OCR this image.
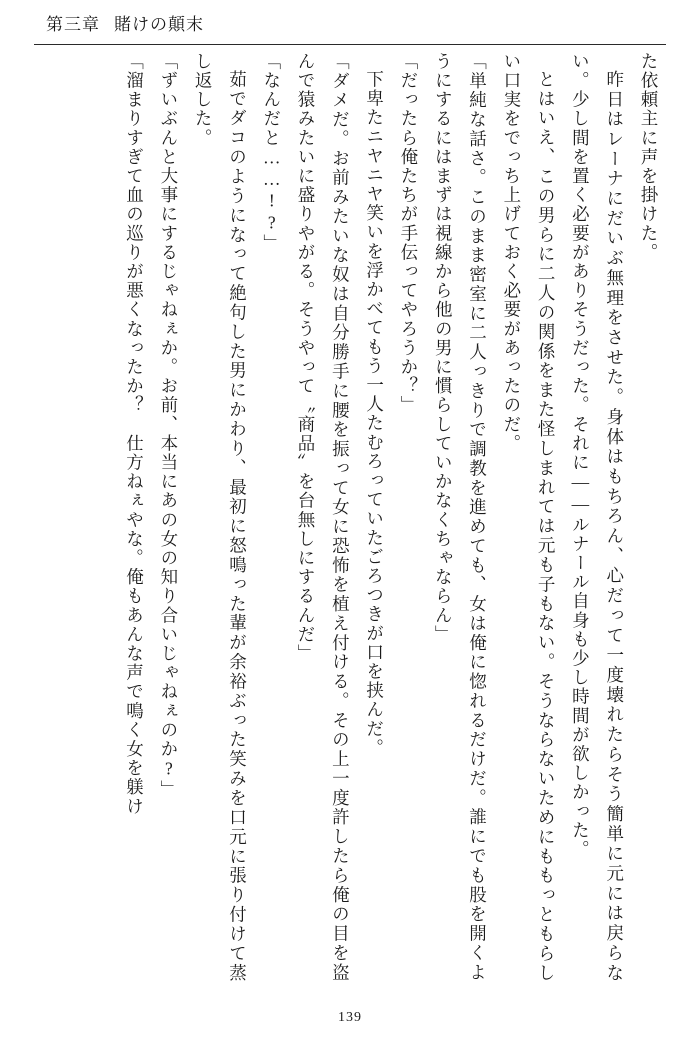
第三章 賭けの顛末

た依頼主に声を掛けた。

昨日はレーナにだいぶ無理をさせた。身体はもちろん、心だって一度壊れたらそう簡単に元には戻らない。少し間を置く必要がありそうだった。それに——ルナール自身も少し時間が欲しかった。

とはいえ、この男らに二人の関係をまた怪しまれては元も子もない。そうならないためにももっともらしい口実をでっち上げておく必要があったのだ。

「単純な話さ。このまま密室に二人っきりで調教を進めても、女は俺に惚れるだけだ。誰にでも股を開くようにするにはまずは視線から他の男に慣らしていかなくちゃならん」

「だったら俺たちが手伝ってやろうか？」

下卑たニヤニヤ笑いを浮かべてもう一人たむろっていたごろつきが口を挟んだ。

「ダメだ。お前みたいな奴は自分勝手に腰を振って女に恐怖を植え付ける。その上一度許したら俺の目を盗んで猿みたいに盛りやがる。そうやって〝商品〟を台無しにするんだ」

「なんだと……!?」

茹でダコのようになって絶句した男にかわり、最初に怒鳴った輩が余裕ぶった笑みを口元に張り付けて蒸し返した。

「ずいぶんと大事にするじゃねぇか。お前、本当にあの女の知り合いじゃねぇのか?」

「溜まりすぎて血の巡りが悪くなったか？　仕方ねぇやな。俺もあんな声で鳴く女を躾け

139
